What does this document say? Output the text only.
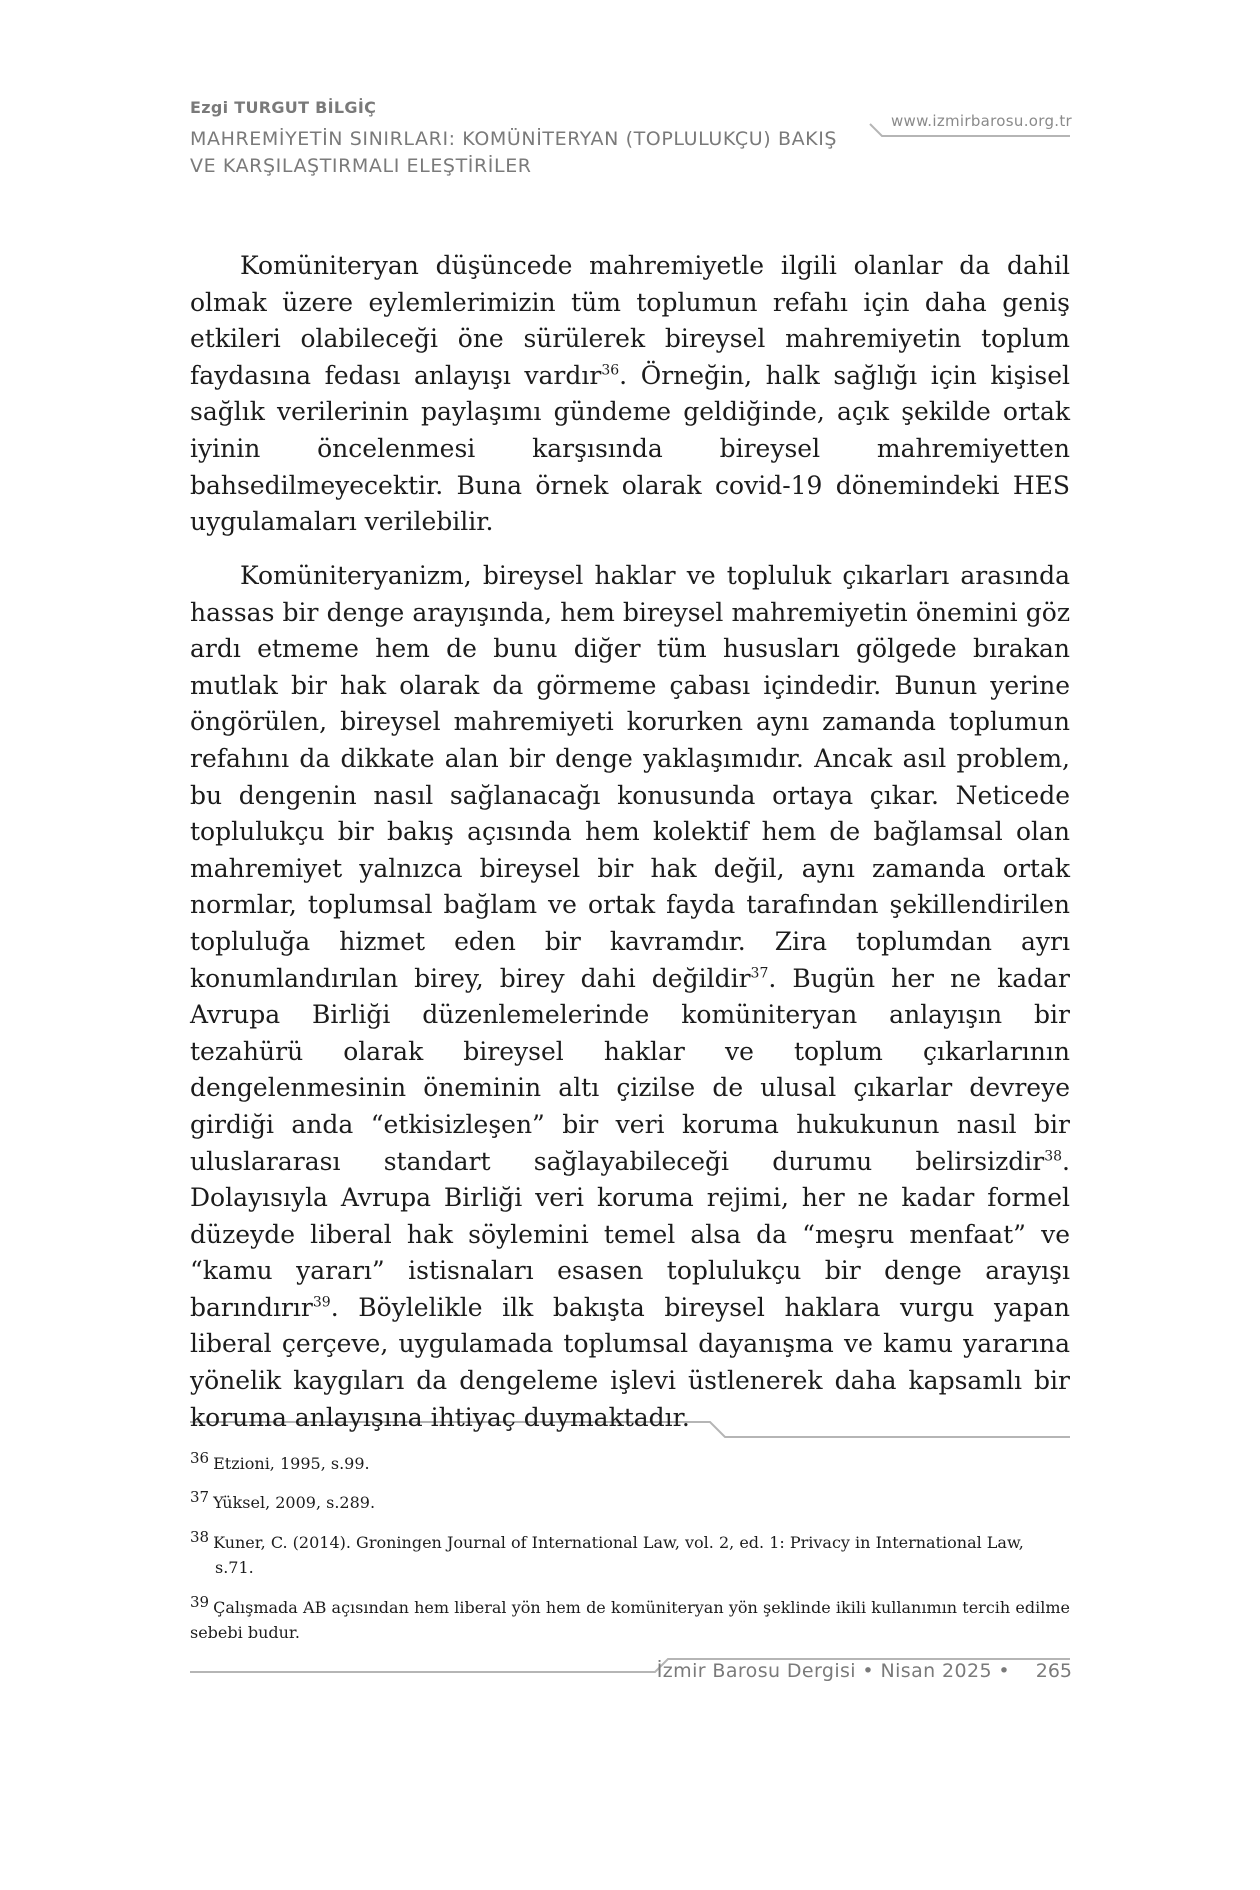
Ezgi TURGUT BİLGİÇ
MAHREMİYETİN SINIRLARI: KOMÜNİTERYAN (TOPLULUKÇU) BAKIŞ
VE KARŞILAŞTIRMALI ELEŞTİRİLER
www.izmirbarosu.org.tr

Komüniteryan düşüncede mahremiyetle ilgili olanlar da dahil olmak üzere eylemlerimizin tüm toplumun refahı için daha geniş etkileri olabileceği öne sürülerek bireysel mahremiyetin toplum faydasına fedası anlayışı vardır$^{36}$. Örneğin, halk sağlığı için kişisel sağlık verilerinin paylaşımı gündeme geldiğinde, açık şekilde ortak iyinin öncelenmesi karşısında bireysel mahremiyetten bahsedilmeyecektir. Buna örnek olarak covid-19 dönemindeki HES uygulamaları verilebilir.

Komüniteryanizm, bireysel haklar ve topluluk çıkarları arasında hassas bir denge arayışında, hem bireysel mahremiyetin önemini göz ardı etmeme hem de bunu diğer tüm hususları gölgede bırakan mutlak bir hak olarak da görmeme çabası içindedir. Bunun yerine öngörülen, bireysel mahremiyeti korurken aynı zamanda toplumun refahını da dikkate alan bir denge yaklaşımıdır. Ancak asıl problem, bu dengenin nasıl sağlanacağı konusunda ortaya çıkar. Neticede toplulukçu bir bakış açısında hem kolektif hem de bağlamsal olan mahremiyet yalnızca bireysel bir hak değil, aynı zamanda ortak normlar, toplumsal bağlam ve ortak fayda tarafından şekillendirilen topluluğa hizmet eden bir kavramdır. Zira toplumdan ayrı konumlandırılan birey, birey dahi değildir$^{37}$. Bugün her ne kadar Avrupa Birliği düzenlemelerinde komüniteryan anlayışın bir tezahürü olarak bireysel haklar ve toplum çıkarlarının dengelenmesinin öneminin altı çizilse de ulusal çıkarlar devreye girdiği anda “etkisizleşen” bir veri koruma hukukunun nasıl bir uluslararası standart sağlayabileceği durumu belirsizdir$^{38}$. Dolayısıyla Avrupa Birliği veri koruma rejimi, her ne kadar formel düzeyde liberal hak söylemini temel alsa da “meşru menfaat” ve “kamu yararı” istisnaları esasen toplulukçu bir denge arayışı barındırır$^{39}$. Böylelikle ilk bakışta bireysel haklara vurgu yapan liberal çerçeve, uygulamada toplumsal dayanışma ve kamu yararına yönelik kaygıları da dengeleme işlevi üstlenerek daha kapsamlı bir koruma anlayışına ihtiyaç duymaktadır.

36 Etzioni, 1995, s.99.

37 Yüksel, 2009, s.289.

38 Kuner, C. (2014). Groningen Journal of International Law, vol. 2, ed. 1: Privacy in International Law,
s.71.

39 Çalışmada AB açısından hem liberal yön hem de komüniteryan yön şeklinde ikili kullanımın tercih edilme sebebi budur.

İzmir Barosu Dergisi • Nisan 2025 • 265
